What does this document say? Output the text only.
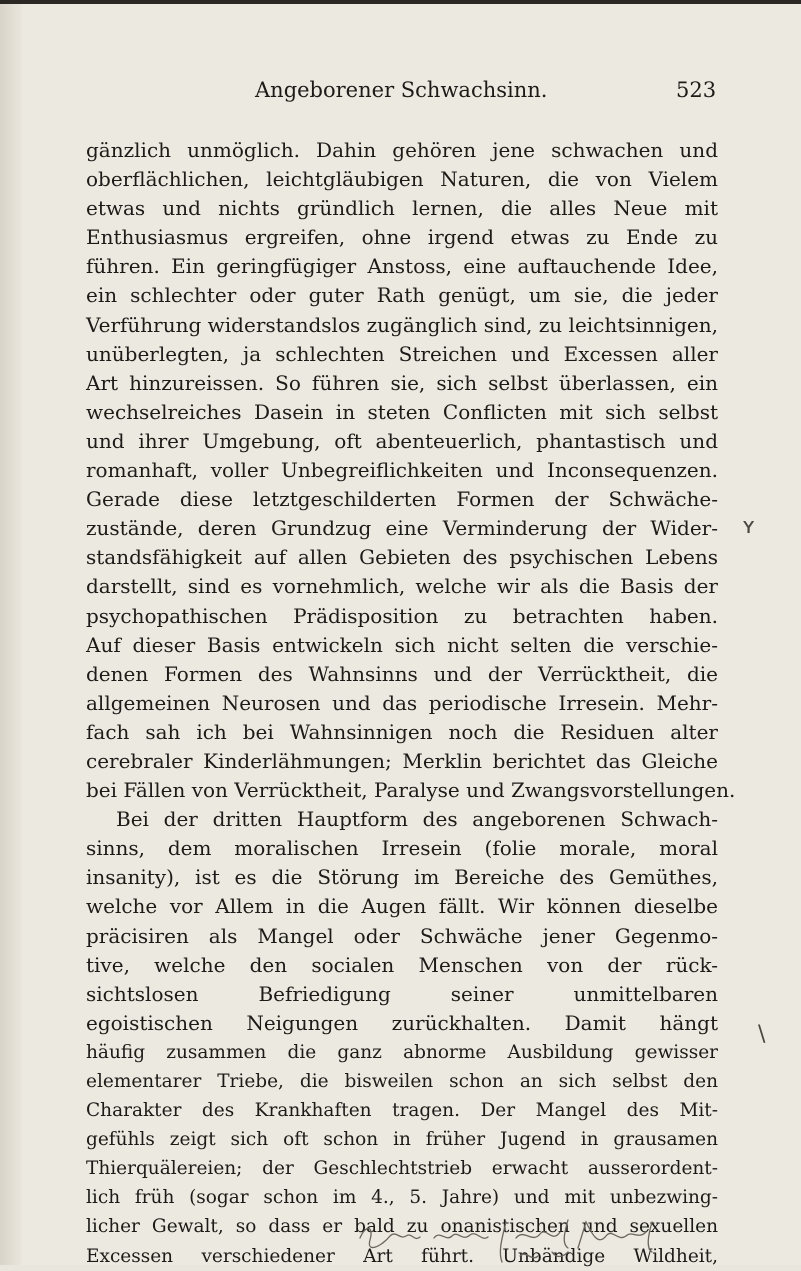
Angeborener Schwachsinn.	523
gänzlich unmöglich. Dahin gehören jene schwachen und
oberflächlichen, leichtgläubigen Naturen, die von Vielem
etwas und nichts gründlich lernen, die alles Neue mit
Enthusiasmus ergreifen, ohne irgend etwas zu Ende zu
führen. Ein geringfügiger Anstoss, eine auftauchende Idee,
ein schlechter oder guter Rath genügt, um sie, die jeder
Verführung widerstandslos zugänglich sind, zu leichtsinnigen,
unüberlegten, ja schlechten Streichen und Excessen aller
Art hinzureissen. So führen sie, sich selbst überlassen, ein
wechselreiches Dasein in steten Conflicten mit sich selbst
und ihrer Umgebung, oft abenteuerlich, phantastisch und
romanhaft, voller Unbegreiflichkeiten und Inconsequenzen.
Gerade diese letztgeschilderten Formen der Schwäche-
zustände, deren Grundzug eine Verminderung der Wider-
standsfähigkeit auf allen Gebieten des psychischen Lebens
darstellt, sind es vornehmlich, welche wir als die Basis der
psychopathischen Prädisposition zu betrachten haben.
Auf dieser Basis entwickeln sich nicht selten die verschie-
denen Formen des Wahnsinns und der Verrücktheit, die
allgemeinen Neurosen und das periodische Irresein. Mehr-
fach sah ich bei Wahnsinnigen noch die Residuen alter
cerebraler Kinderlähmungen; Merklin berichtet das Gleiche
bei Fällen von Verrücktheit, Paralyse und Zwangsvorstellungen.
Bei der dritten Hauptform des angeborenen Schwach-
sinns, dem moralischen Irresein (folie morale, moral
insanity), ist es die Störung im Bereiche des Gemüthes,
welche vor Allem in die Augen fällt. Wir können dieselbe
präcisiren als Mangel oder Schwäche jener Gegenmo-
tive, welche den socialen Menschen von der rück-
sichtslosen Befriedigung seiner unmittelbaren
egoistischen Neigungen zurückhalten. Damit hängt
häufig zusammen die ganz abnorme Ausbildung gewisser
elementarer Triebe, die bisweilen schon an sich selbst den
Charakter des Krankhaften tragen. Der Mangel des Mit-
gefühls zeigt sich oft schon in früher Jugend in grausamen
Thierquälereien; der Geschlechtstrieb erwacht ausserordent-
lich früh (sogar schon im 4., 5. Jahre) und mit unbezwing-
licher Gewalt, so dass er bald zu onanistischen und sexuellen
Excessen verschiedener Art führt. Unbändige Wildheit,
ʏ
\
